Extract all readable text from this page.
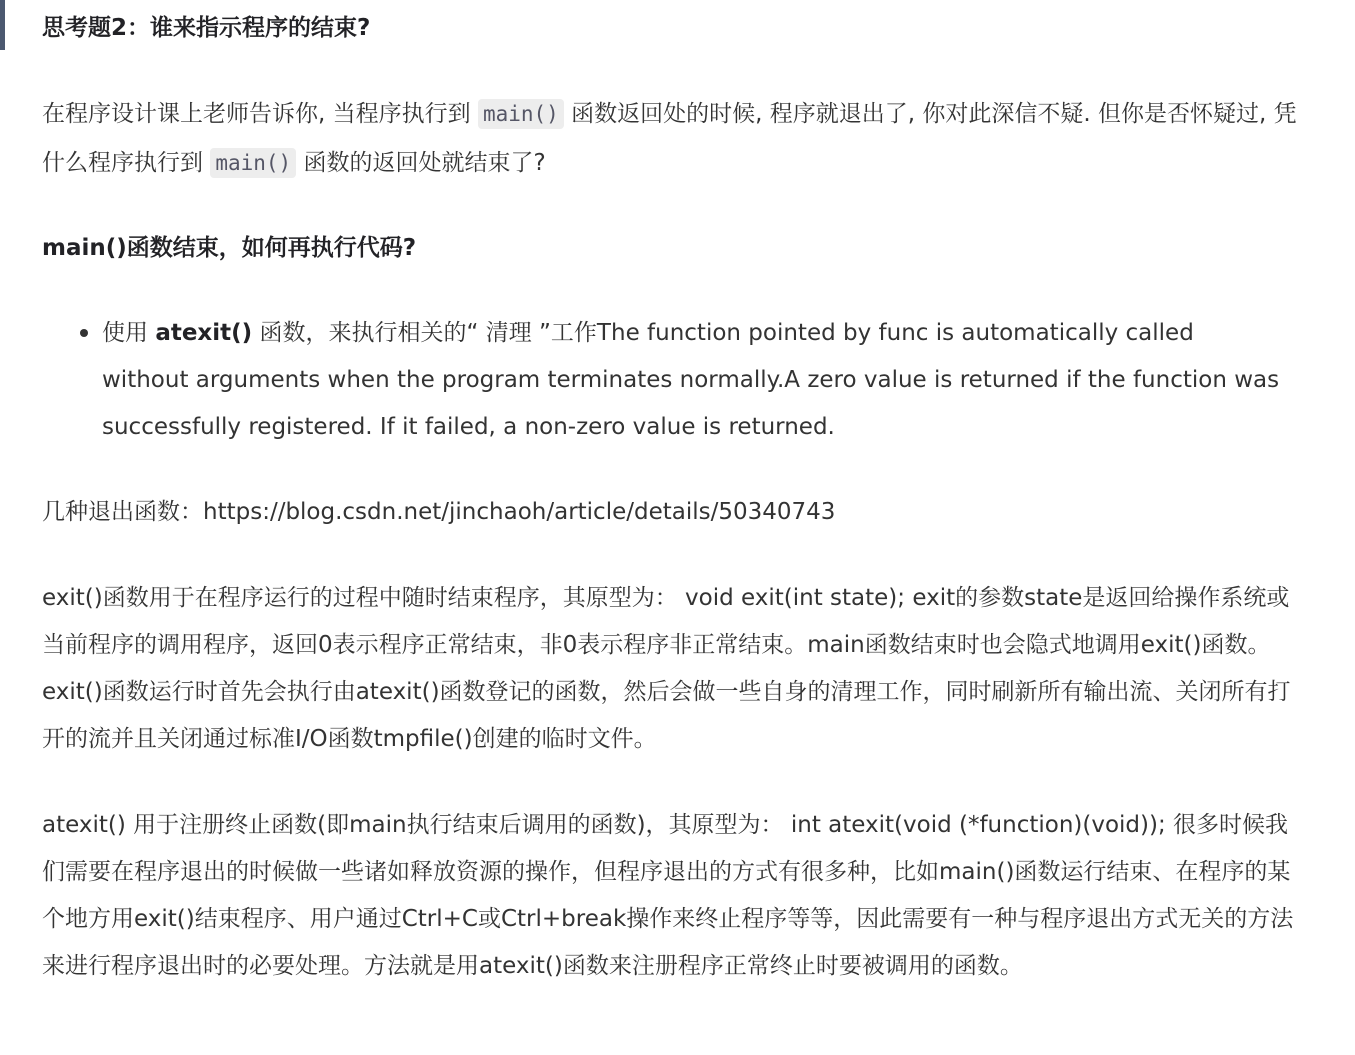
思考题2：谁来指示程序的结束?

在程序设计课上老师告诉你, 当程序执行到 main() 函数返回处的时候, 程序就退出了, 你对此深信不疑. 但你是否怀疑过, 凭什么程序执行到 main() 函数的返回处就结束了?

main()函数结束，如何再执行代码?
使用 atexit() 函数，来执行相关的“ 清理 ”工作The function pointed by func is automatically called without arguments when the program terminates normally.A zero value is returned if the function was successfully registered. If it failed, a non-zero value is returned.

几种退出函数：https://blog.csdn.net/jinchaoh/article/details/50340743

exit()函数用于在程序运行的过程中随时结束程序，其原型为： void exit(int state); exit的参数state是返回给操作系统或当前程序的调用程序，返回0表示程序正常结束，非0表示程序非正常结束。main函数结束时也会隐式地调用exit()函数。exit()函数运行时首先会执行由atexit()函数登记的函数，然后会做一些自身的清理工作，同时刷新所有输出流、关闭所有打开的流并且关闭通过标准I/O函数tmpfile()创建的临时文件。

atexit() 用于注册终止函数(即main执行结束后调用的函数)，其原型为： int atexit(void (*function)(void)); 很多时候我们需要在程序退出的时候做一些诸如释放资源的操作，但程序退出的方式有很多种，比如main()函数运行结束、在程序的某个地方用exit()结束程序、用户通过Ctrl+C或Ctrl+break操作来终止程序等等，因此需要有一种与程序退出方式无关的方法来进行程序退出时的必要处理。方法就是用atexit()函数来注册程序正常终止时要被调用的函数。
